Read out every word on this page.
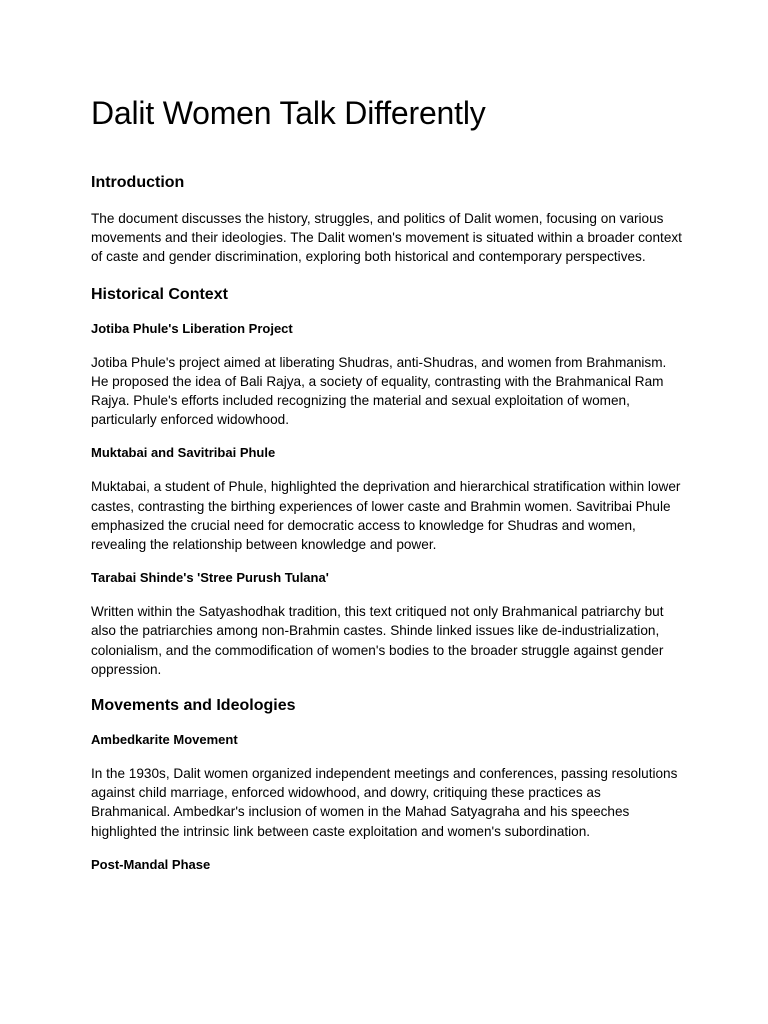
Dalit Women Talk Differently
Introduction

The document discusses the history, struggles, and politics of Dalit women, focusing on various movements and their ideologies. The Dalit women's movement is situated within a broader context of caste and gender discrimination, exploring both historical and contemporary perspectives.

Historical Context
Jotiba Phule's Liberation Project

Jotiba Phule's project aimed at liberating Shudras, anti-Shudras, and women from Brahmanism. He proposed the idea of Bali Rajya, a society of equality, contrasting with the Brahmanical Ram Rajya. Phule's efforts included recognizing the material and sexual exploitation of women, particularly enforced widowhood.

Muktabai and Savitribai Phule

Muktabai, a student of Phule, highlighted the deprivation and hierarchical stratification within lower castes, contrasting the birthing experiences of lower caste and Brahmin women. Savitribai Phule emphasized the crucial need for democratic access to knowledge for Shudras and women, revealing the relationship between knowledge and power.

Tarabai Shinde's 'Stree Purush Tulana'

Written within the Satyashodhak tradition, this text critiqued not only Brahmanical patriarchy but also the patriarchies among non-Brahmin castes. Shinde linked issues like de-industrialization, colonialism, and the commodification of women's bodies to the broader struggle against gender oppression.

Movements and Ideologies
Ambedkarite Movement

In the 1930s, Dalit women organized independent meetings and conferences, passing resolutions against child marriage, enforced widowhood, and dowry, critiquing these practices as Brahmanical. Ambedkar's inclusion of women in the Mahad Satyagraha and his speeches highlighted the intrinsic link between caste exploitation and women's subordination.

Post-Mandal Phase
